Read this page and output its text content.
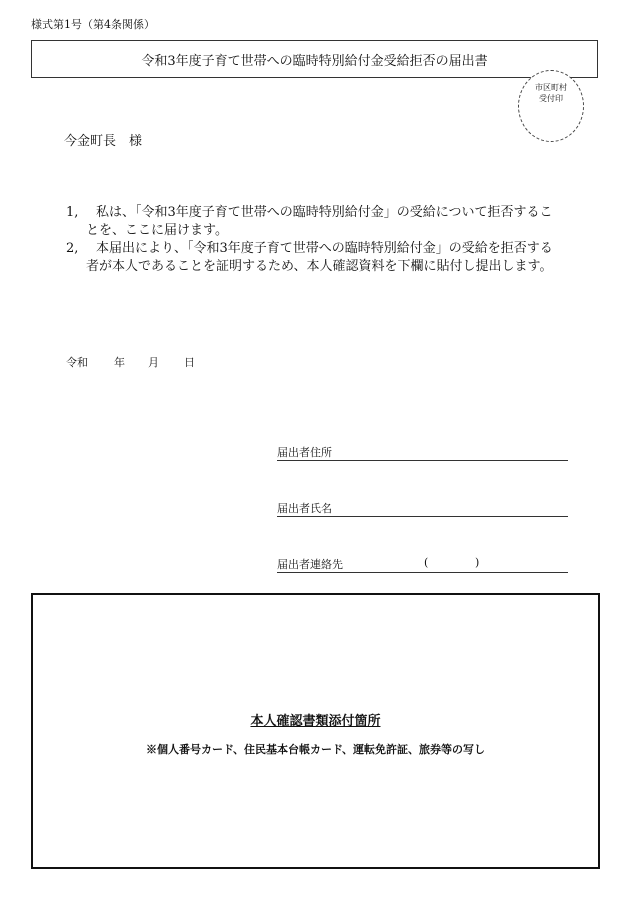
様式第1号（第4条関係）
令和3年度子育て世帯への臨時特別給付金受給拒否の届出書
市区町村
受付印
今金町長　様
1, 私は、「令和3年度子育て世帯への臨時特別給付金」の受給について拒否するこ
とを、ここに届けます。
2, 本届出により、「令和3年度子育て世帯への臨時特別給付金」の受給を拒否する
者が本人であることを証明するため、本人確認資料を下欄に貼付し提出します。
令和 年 月 日
届出者住所
届出者氏名
届出者連絡先	(	)
本人確認書類添付箇所
※個人番号カード、住民基本台帳カード、運転免許証、旅券等の写し
